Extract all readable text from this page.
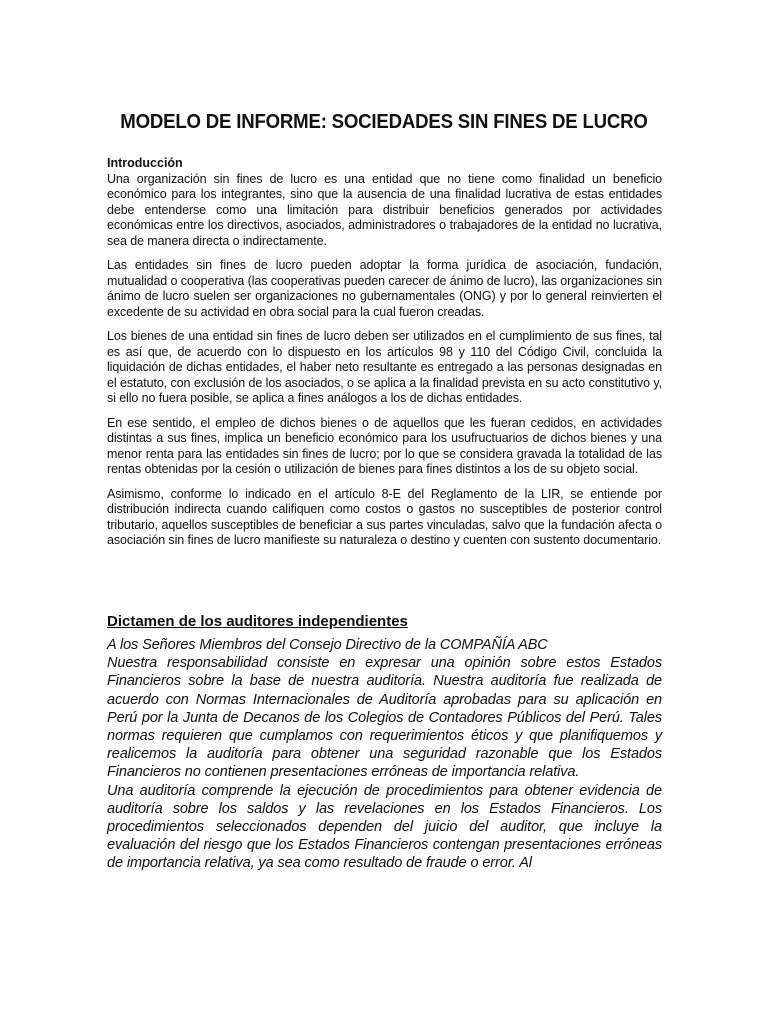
MODELO DE INFORME: SOCIEDADES SIN FINES DE LUCRO

Introducción

Una organización sin fines de lucro es una entidad que no tiene como finalidad un beneficio económico para los integrantes, sino que la ausencia de una finalidad lucrativa de estas entidades debe entenderse como una limitación para distribuir beneficios generados por actividades económicas entre los directivos, asociados, administradores o trabajadores de la entidad no lucrativa, sea de manera directa o indirectamente.

Las entidades sin fines de lucro pueden adoptar la forma jurídica de asociación, fundación, mutualidad o cooperativa (las cooperativas pueden carecer de ánimo de lucro), las organizaciones sin ánimo de lucro suelen ser organizaciones no gubernamentales (ONG) y por lo general reinvierten el excedente de su actividad en obra social para la cual fueron creadas.

Los bienes de una entidad sin fines de lucro deben ser utilizados en el cumplimiento de sus fines, tal es así que, de acuerdo con lo dispuesto en los artículos 98 y 110 del Código Civil, concluida la liquidación de dichas entidades, el haber neto resultante es entregado a las personas designadas en el estatuto, con exclusión de los asociados, o se aplica a la finalidad prevista en su acto constitutivo y, si ello no fuera posible, se aplica a fines análogos a los de dichas entidades.

En ese sentido, el empleo de dichos bienes o de aquellos que les fueran cedidos, en actividades distintas a sus fines, implica un beneficio económico para los usufructuarios de dichos bienes y una menor renta para las entidades sin fines de lucro; por lo que se considera gravada la totalidad de las rentas obtenidas por la cesión o utilización de bienes para fines distintos a los de su objeto social.

Asimismo, conforme lo indicado en el artículo 8-E del Reglamento de la LIR, se entiende por distribución indirecta cuando califiquen como costos o gastos no susceptibles de posterior control tributario, aquellos susceptibles de beneficiar a sus partes vinculadas, salvo que la fundación afecta o asociación sin fines de lucro manifieste su naturaleza o destino y cuenten con sustento documentario.

Dictamen de los auditores independientes

A los Señores Miembros del Consejo Directivo de la COMPAÑÍA ABC

Nuestra responsabilidad consiste en expresar una opinión sobre estos Estados Financieros sobre la base de nuestra auditoría. Nuestra auditoría fue realizada de acuerdo con Normas Internacionales de Auditoría aprobadas para su aplicación en Perú por la Junta de Decanos de los Colegios de Contadores Públicos del Perú. Tales normas requieren que cumplamos con requerimientos éticos y que planifiquemos y realicemos la auditoría para obtener una seguridad razonable que los Estados Financieros no contienen presentaciones erróneas de importancia relativa.

Una auditoría comprende la ejecución de procedimientos para obtener evidencia de auditoría sobre los saldos y las revelaciones en los Estados Financieros. Los procedimientos seleccionados dependen del juicio del auditor, que incluye la evaluación del riesgo que los Estados Financieros contengan presentaciones erróneas de importancia relativa, ya sea como resultado de fraude o error. Al
